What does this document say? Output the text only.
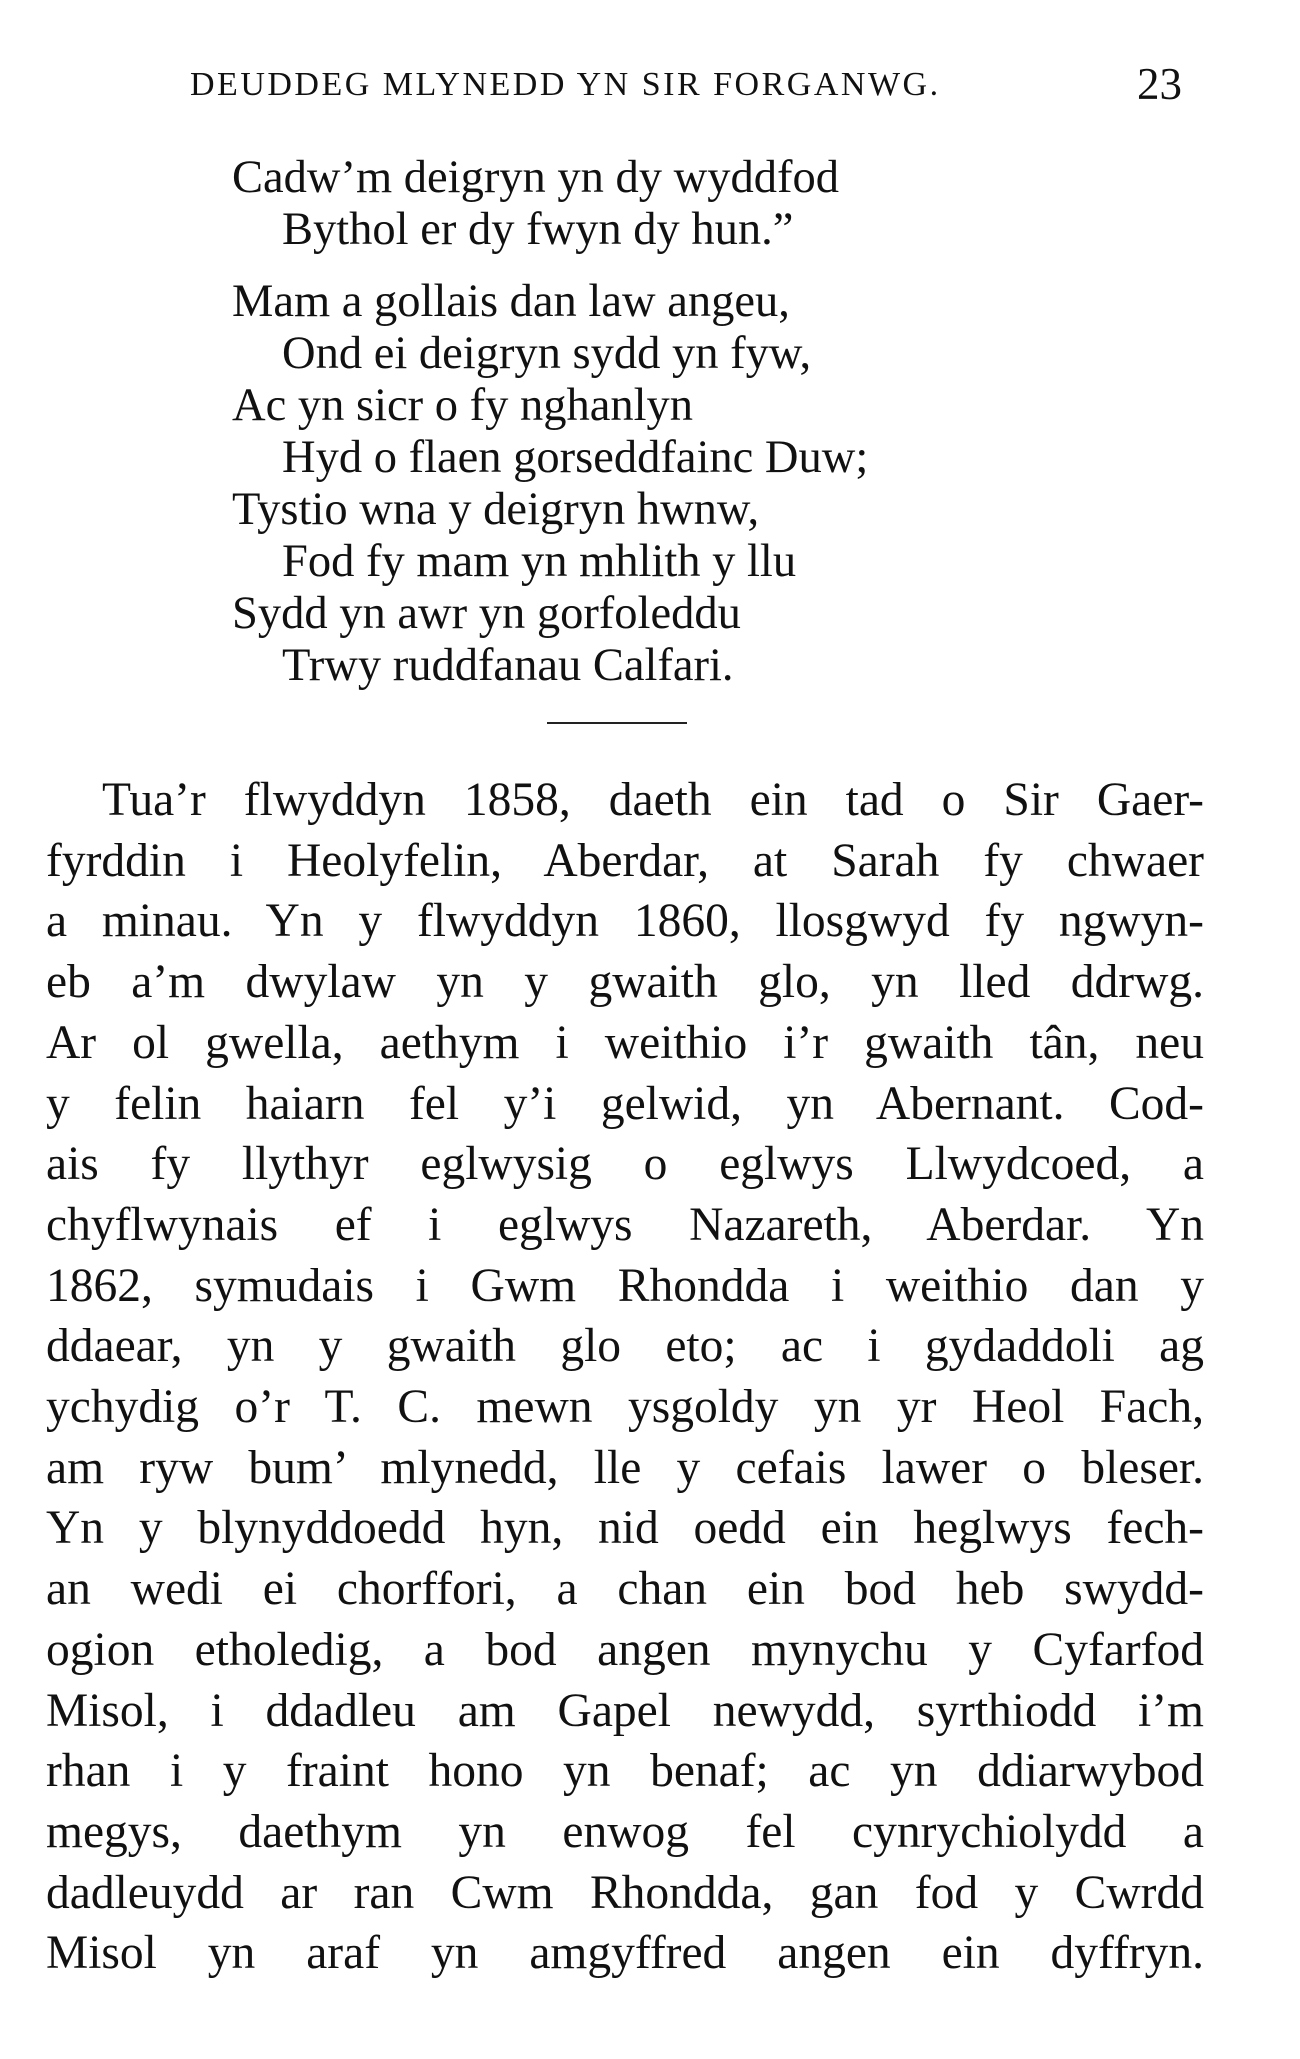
DEUDDEG MLYNEDD YN SIR FORGANWG.	23
Cadw’m deigryn yn dy wyddfod
Bythol er dy fwyn dy hun.”
Mam a gollais dan law angeu,
Ond ei deigryn sydd yn fyw,
Ac yn sicr o fy nghanlyn
Hyd o flaen gorseddfainc Duw;
Tystio wna y deigryn hwnw,
Fod fy mam yn mhlith y llu
Sydd yn awr yn gorfoleddu
Trwy ruddfanau Calfari.
Tua’r flwyddyn 1858, daeth ein tad o Sir Gaer-
fyrddin i Heolyfelin, Aberdar, at Sarah fy chwaer
a minau. Yn y flwyddyn 1860, llosgwyd fy ngwyn-
eb a’m dwylaw yn y gwaith glo, yn lled ddrwg.
Ar ol gwella, aethym i weithio i’r gwaith tân, neu
y felin haiarn fel y’i gelwid, yn Abernant. Cod-
ais fy llythyr eglwysig o eglwys Llwydcoed, a
chyflwynais ef i eglwys Nazareth, Aberdar. Yn
1862, symudais i Gwm Rhondda i weithio dan y
ddaear, yn y gwaith glo eto; ac i gydaddoli ag
ychydig o’r T. C. mewn ysgoldy yn yr Heol Fach,
am ryw bum’ mlynedd, lle y cefais lawer o bleser.
Yn y blynyddoedd hyn, nid oedd ein heglwys fech-
an wedi ei chorffori, a chan ein bod heb swydd-
ogion etholedig, a bod angen mynychu y Cyfarfod
Misol, i ddadleu am Gapel newydd, syrthiodd i’m
rhan i y fraint hono yn benaf; ac yn ddiarwybod
megys, daethym yn enwog fel cynrychiolydd a
dadleuydd ar ran Cwm Rhondda, gan fod y Cwrdd
Misol yn araf yn amgyffred angen ein dyffryn.
